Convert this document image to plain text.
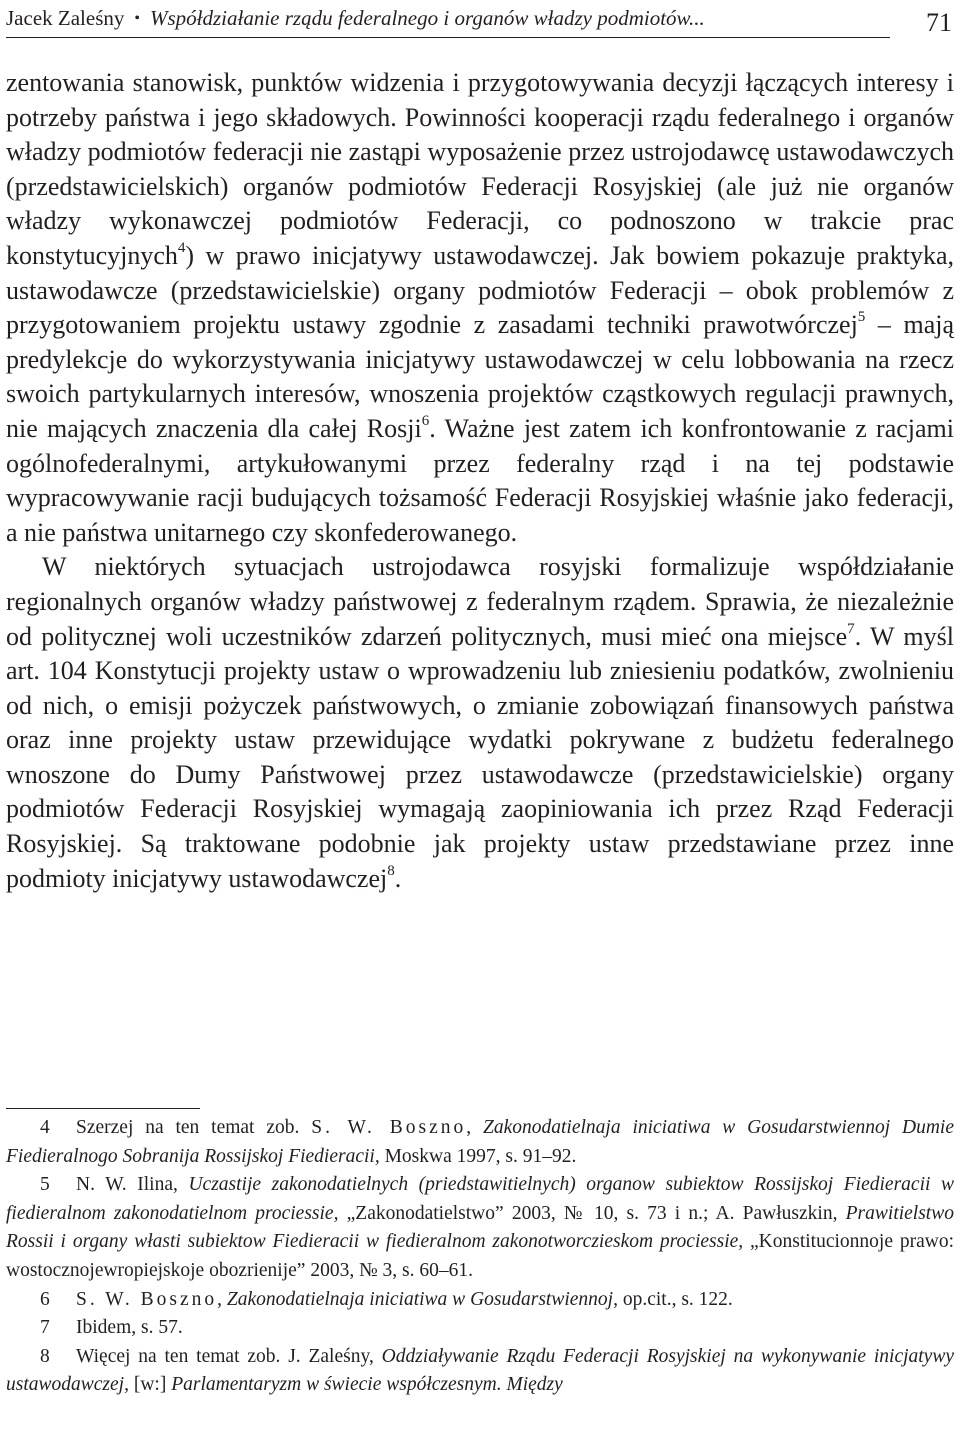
Jacek Zaleśny • Współdziałanie rządu federalnego i organów władzy podmiotów...	71

zentowania stanowisk, punktów widzenia i przygotowywania decyzji łączących interesy i potrzeby państwa i jego składowych. Powinności kooperacji rządu federalnego i organów władzy podmiotów federacji nie zastąpi wyposażenie przez ustrojodawcę ustawodawczych (przedstawicielskich) organów podmiotów Federacji Rosyjskiej (ale już nie organów władzy wykonawczej podmiotów Federacji, co podnoszono w trakcie prac konstytucyjnych$^4$) w prawo inicjatywy ustawodawczej. Jak bowiem pokazuje praktyka, ustawodawcze (przedstawicielskie) organy podmiotów Federacji – obok problemów z przygotowaniem projektu ustawy zgodnie z zasadami techniki prawotwórczej$^5$ – mają predylekcje do wykorzystywania inicjatywy ustawodawczej w celu lobbowania na rzecz swoich partykularnych interesów, wnoszenia projektów cząstkowych regulacji prawnych, nie mających znaczenia dla całej Rosji$^6$. Ważne jest zatem ich konfrontowanie z racjami ogólnofederalnymi, artykułowanymi przez federalny rząd i na tej podstawie wypracowywanie racji budujących tożsamość Federacji Rosyjskiej właśnie jako federacji, a nie państwa unitarnego czy skonfederowanego.

W niektórych sytuacjach ustrojodawca rosyjski formalizuje współdziałanie regionalnych organów władzy państwowej z federalnym rządem. Sprawia, że niezależnie od politycznej woli uczestników zdarzeń politycznych, musi mieć ona miejsce$^7$. W myśl art. 104 Konstytucji projekty ustaw o wprowadzeniu lub zniesieniu podatków, zwolnieniu od nich, o emisji pożyczek państwowych, o zmianie zobowiązań finansowych państwa oraz inne projekty ustaw przewidujące wydatki pokrywane z budżetu federalnego wnoszone do Dumy Państwowej przez ustawodawcze (przedstawicielskie) organy podmiotów Federacji Rosyjskiej wymagają zaopiniowania ich przez Rząd Federacji Rosyjskiej. Są traktowane podobnie jak projekty ustaw przedstawiane przez inne podmioty inicjatywy ustawodawczej$^8$.

4 Szerzej na ten temat zob. S. W. Boszno, Zakonodatielnaja iniciatiwa w Gosudarstwiennoj Dumie Fiedieralnogo Sobranija Rossijskoj Fiedieracii, Moskwa 1997, s. 91–92.

5 N. W. Ilina, Uczastije zakonodatielnych (priedstawitielnych) organow subiektow Rossijskoj Fiedieracii w fiedieralnom zakonodatielnom prociessie, „Zakonodatielstwo” 2003, № 10, s. 73 i n.; A. Pawłuszkin, Prawitielstwo Rossii i organy własti subiektow Fiedieracii w fiedieralnom zakonotworczieskom prociessie, „Konstitucionnoje prawo: wostocznojewropiejskoje obozrienije” 2003, № 3, s. 60–61.

6 S. W. Boszno, Zakonodatielnaja iniciatiwa w Gosudarstwiennoj, op.cit., s. 122.

7 Ibidem, s. 57.

8 Więcej na ten temat zob. J. Zaleśny, Oddziaływanie Rządu Federacji Rosyjskiej na wykonywanie inicjatywy ustawodawczej, [w:] Parlamentaryzm w świecie współczesnym. Między
